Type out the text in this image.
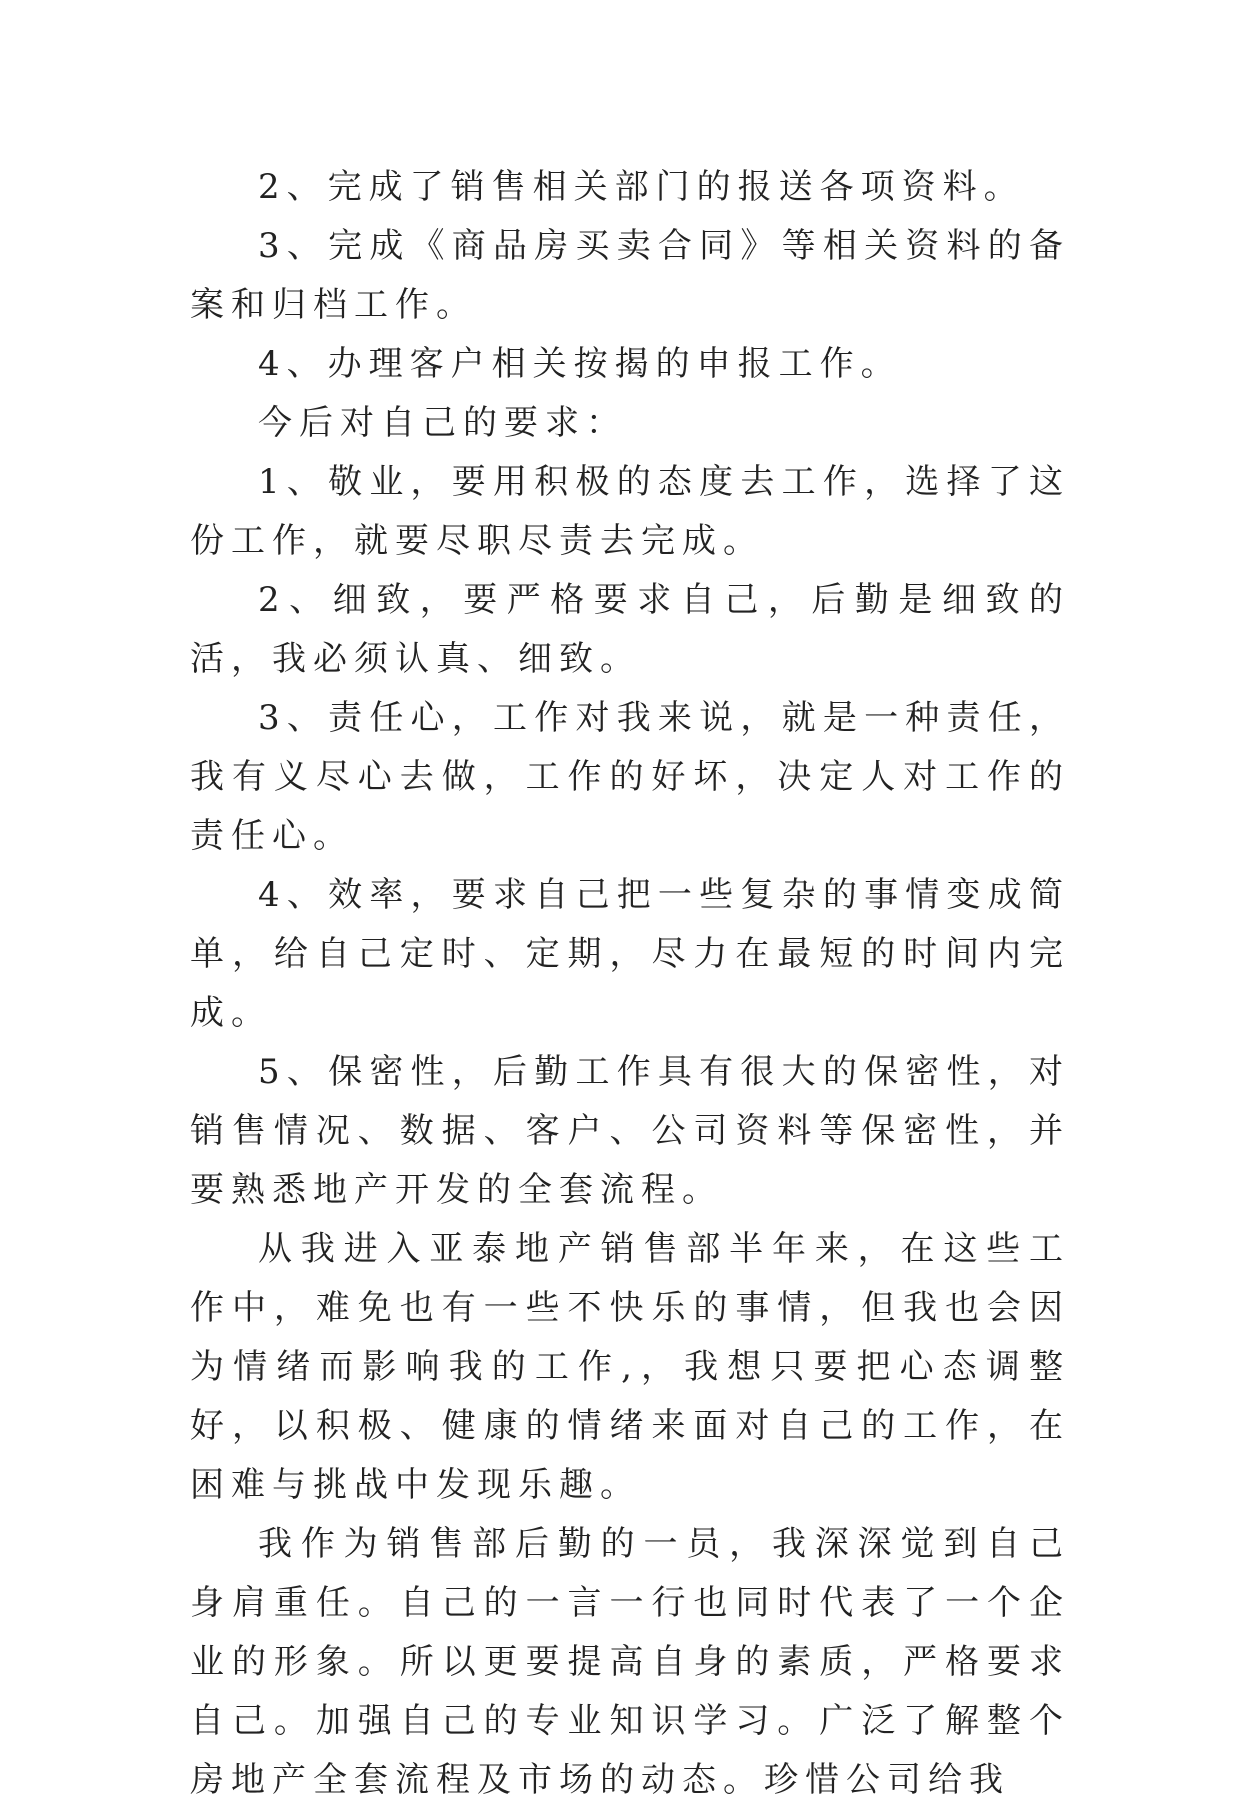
2、完成了销售相关部门的报送各项资料。

3、完成《商品房买卖合同》等相关资料的备案和归档工作。

4、办理客户相关按揭的申报工作。

今后对自己的要求：

1、敬业，要用积极的态度去工作，选择了这份工作，就要尽职尽责去完成。

2、细致，要严格要求自己，后勤是细致的活，我必须认真、细致。

3、责任心，工作对我来说，就是一种责任，我有义尽心去做，工作的好坏，决定人对工作的责任心。

4、效率，要求自己把一些复杂的事情变成简单，给自己定时、定期，尽力在最短的时间内完成。

5、保密性，后勤工作具有很大的保密性，对销售情况、数据、客户、公司资料等保密性，并要熟悉地产开发的全套流程。

从我进入亚泰地产销售部半年来，在这些工作中，难免也有一些不快乐的事情，但我也会因为情绪而影响我的工作,，我想只要把心态调整好，以积极、健康的情绪来面对自己的工作，在困难与挑战中发现乐趣。

我作为销售部后勤的一员，我深深觉到自己身肩重任。自己的一言一行也同时代表了一个企业的形象。所以更要提高自身的素质，严格要求自己。加强自己的专业知识学习。广泛了解整个房地产全套流程及市场的动态。珍惜公司给我
